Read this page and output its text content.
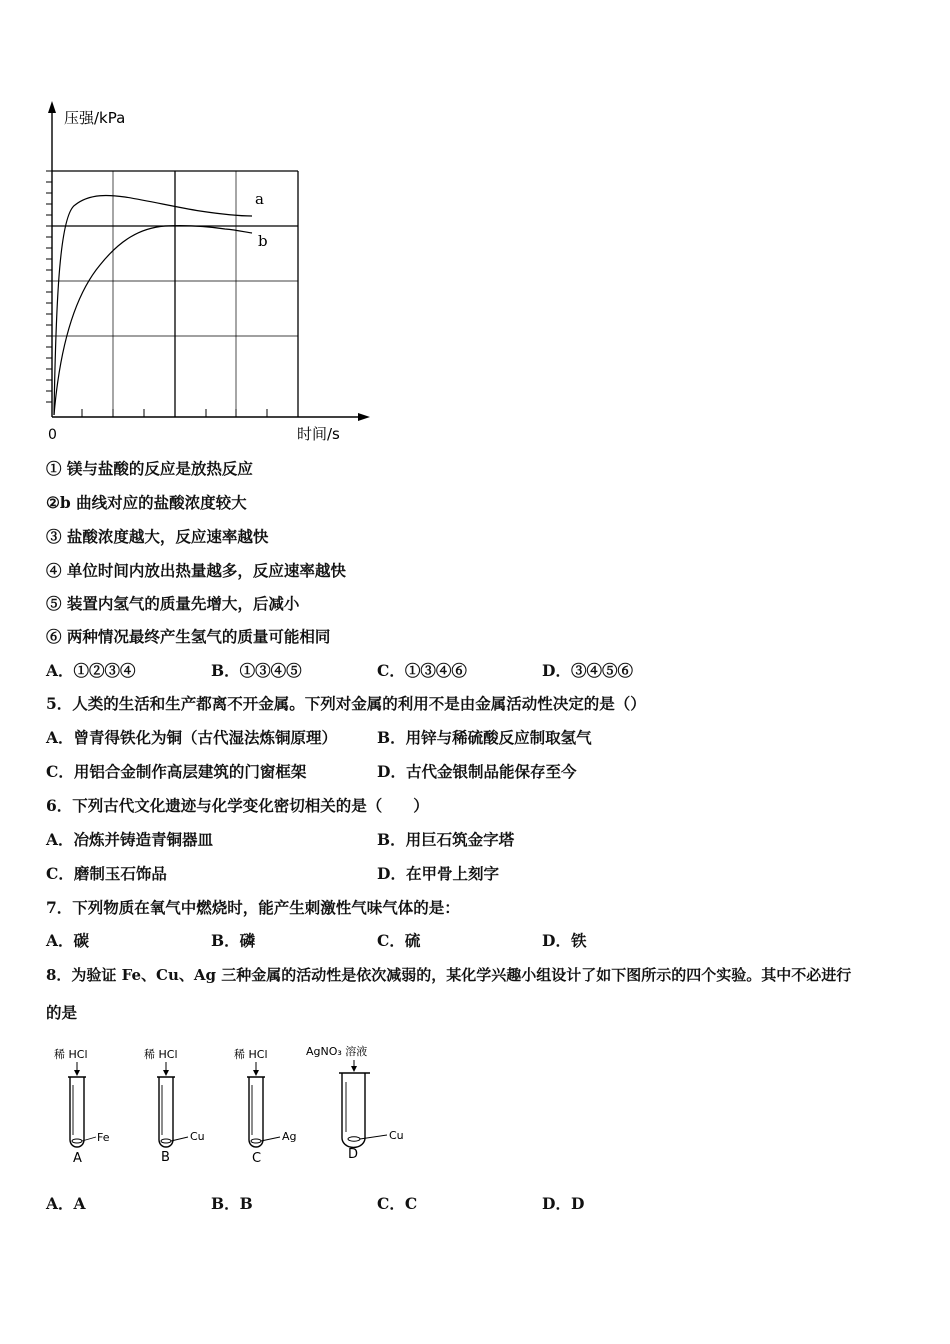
压强/kPa
时间/s
0
a
b
① 镁与盐酸的反应是放热反应
②b 曲线对应的盐酸浓度较大
③ 盐酸浓度越大，反应速率越快
④ 单位时间内放出热量越多，反应速率越快
⑤ 装置内氢气的质量先增大，后减小
⑥ 两种情况最终产生氢气的质量可能相同
A．①②③④	B．①③④⑤	C．①③④⑥	D．③④⑤⑥
5．人类的生活和生产都离不开金属。下列对金属的利用不是由金属活动性决定的是（）
A．曾青得铁化为铜（古代湿法炼铜原理）	B．用锌与稀硫酸反应制取氢气
C．用铝合金制作高层建筑的门窗框架	D．古代金银制品能保存至今
6．下列古代文化遗迹与化学变化密切相关的是（　　）
A．冶炼并铸造青铜器皿	B．用巨石筑金字塔
C．磨制玉石饰品	D．在甲骨上刻字
7．下列物质在氧气中燃烧时，能产生刺激性气味气体的是：
A．碳	B．磷	C．硫	D．铁
8．为验证 Fe、Cu、Ag 三种金属的活动性是依次减弱的，某化学兴趣小组设计了如下图所示的四个实验。其中不必进行
的是
稀 HCl
Fe
A
稀 HCl
Cu
B
稀 HCl
Ag
C
AgNO₃ 溶液
Cu
D
A．A	B．B	C．C	D．D
